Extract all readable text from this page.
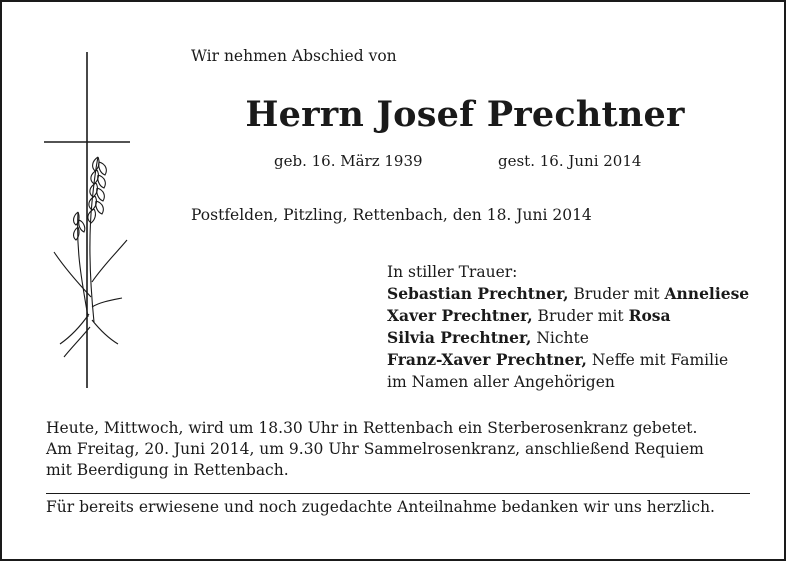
Wir nehmen Abschied von
Herrn Josef Prechtner
geb. 16. März 1939	gest. 16. Juni 2014
Postfelden, Pitzling, Rettenbach, den 18. Juni 2014
In stiller Trauer:
Sebastian Prechtner, Bruder mit Anneliese
Xaver Prechtner, Bruder mit Rosa
Silvia Prechtner, Nichte
Franz-Xaver Prechtner, Neffe mit Familie
im Namen aller Angehörigen
Heute, Mittwoch, wird um 18.30 Uhr in Rettenbach ein Sterberosenkranz gebetet.
Am Freitag, 20. Juni 2014, um 9.30 Uhr Sammelrosenkranz, anschließend Requiem
mit Beerdigung in Rettenbach.
Für bereits erwiesene und noch zugedachte Anteilnahme bedanken wir uns herzlich.
